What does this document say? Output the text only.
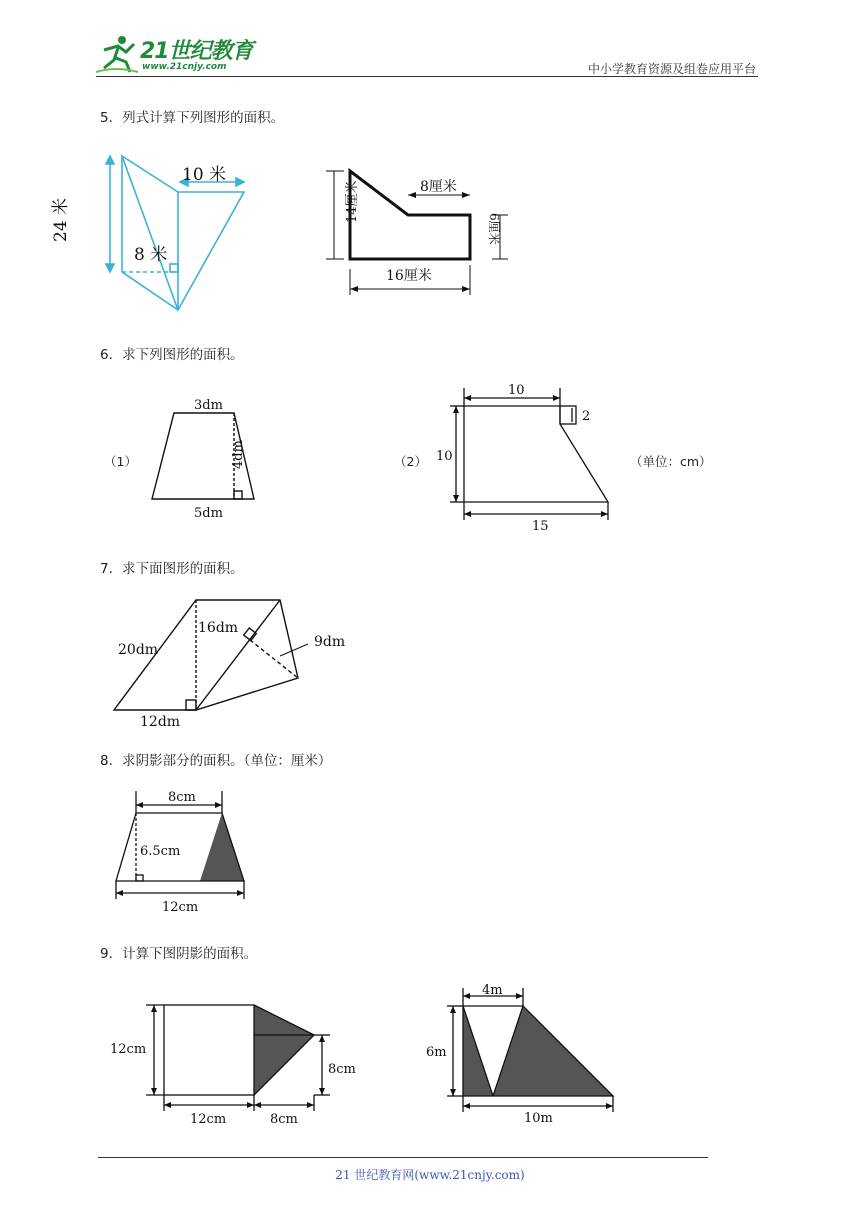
21世纪教育
www.21cnjy.com	中小学教育资源及组卷应用平台
5．列式计算下列图形的面积。
24 米
10 米
8 米
8厘米
14厘米
6厘米
16厘米
6．求下列图形的面积。
（1）	（2）	（单位：cm）
3dm
4dm
5dm
10
2
10
15
7．求下面图形的面积。
20dm
16dm
9dm
12dm
8．求阴影部分的面积。（单位：厘米）
8cm
6.5cm
12cm
9．计算下图阴影的面积。
12cm
8cm
12cm	8cm
4m
6m
10m
21 世纪教育网(www.21cnjy.com)
